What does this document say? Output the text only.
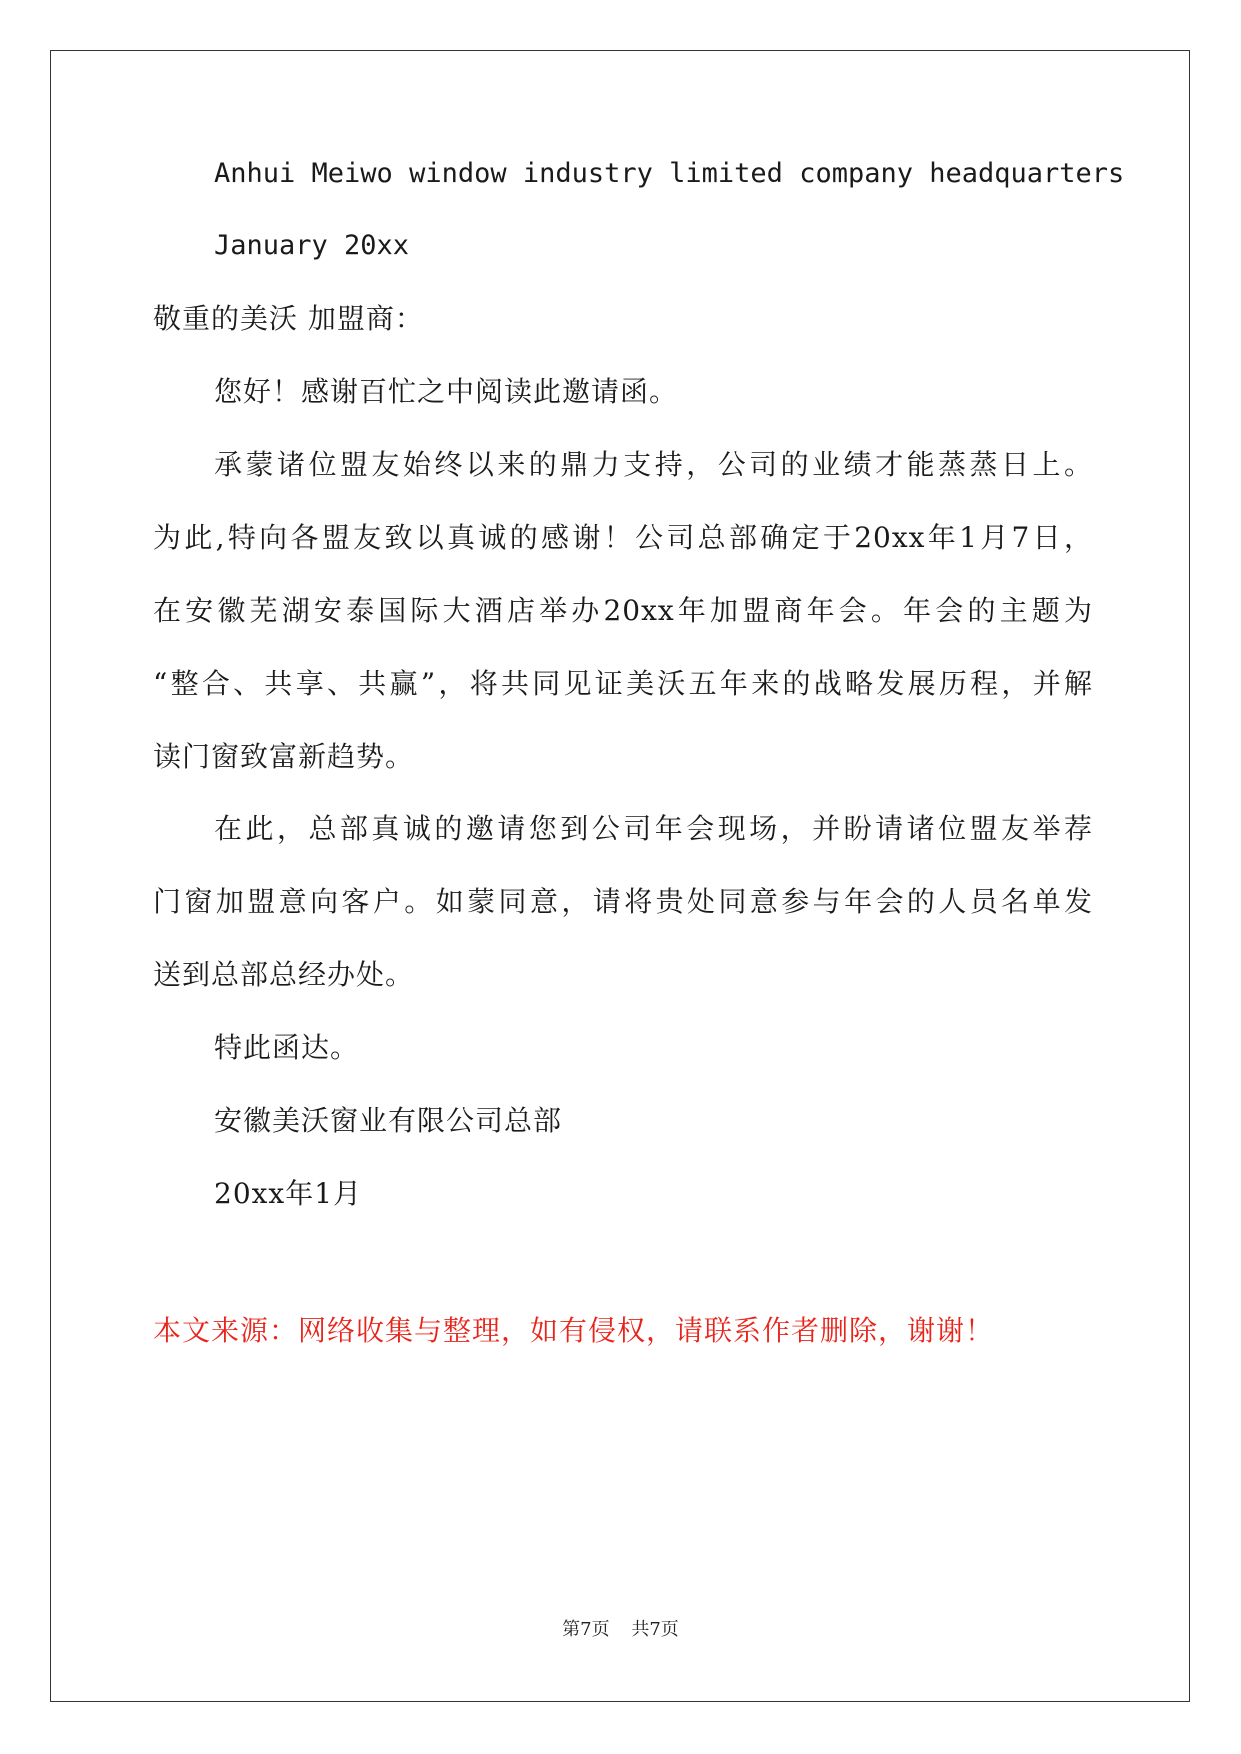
Anhui Meiwo window industry limited company headquarters
January 20xx
敬重的美沃 加盟商：
您好！感谢百忙之中阅读此邀请函。
承蒙诸位盟友始终以来的鼎力支持，公司的业绩才能蒸蒸日上。
为此,特向各盟友致以真诚的感谢！公司总部确定于20xx年1月7日，
在安徽芜湖安泰国际大酒店举办20xx年加盟商年会。年会的主题为
“整合、共享、共赢”，将共同见证美沃五年来的战略发展历程，并解
读门窗致富新趋势。
在此，总部真诚的邀请您到公司年会现场，并盼请诸位盟友举荐
门窗加盟意向客户。如蒙同意，请将贵处同意参与年会的人员名单发
送到总部总经办处。
特此函达。
安徽美沃窗业有限公司总部
20xx年1月
本文来源：网络收集与整理，如有侵权，请联系作者删除，谢谢！
第7页 共7页
